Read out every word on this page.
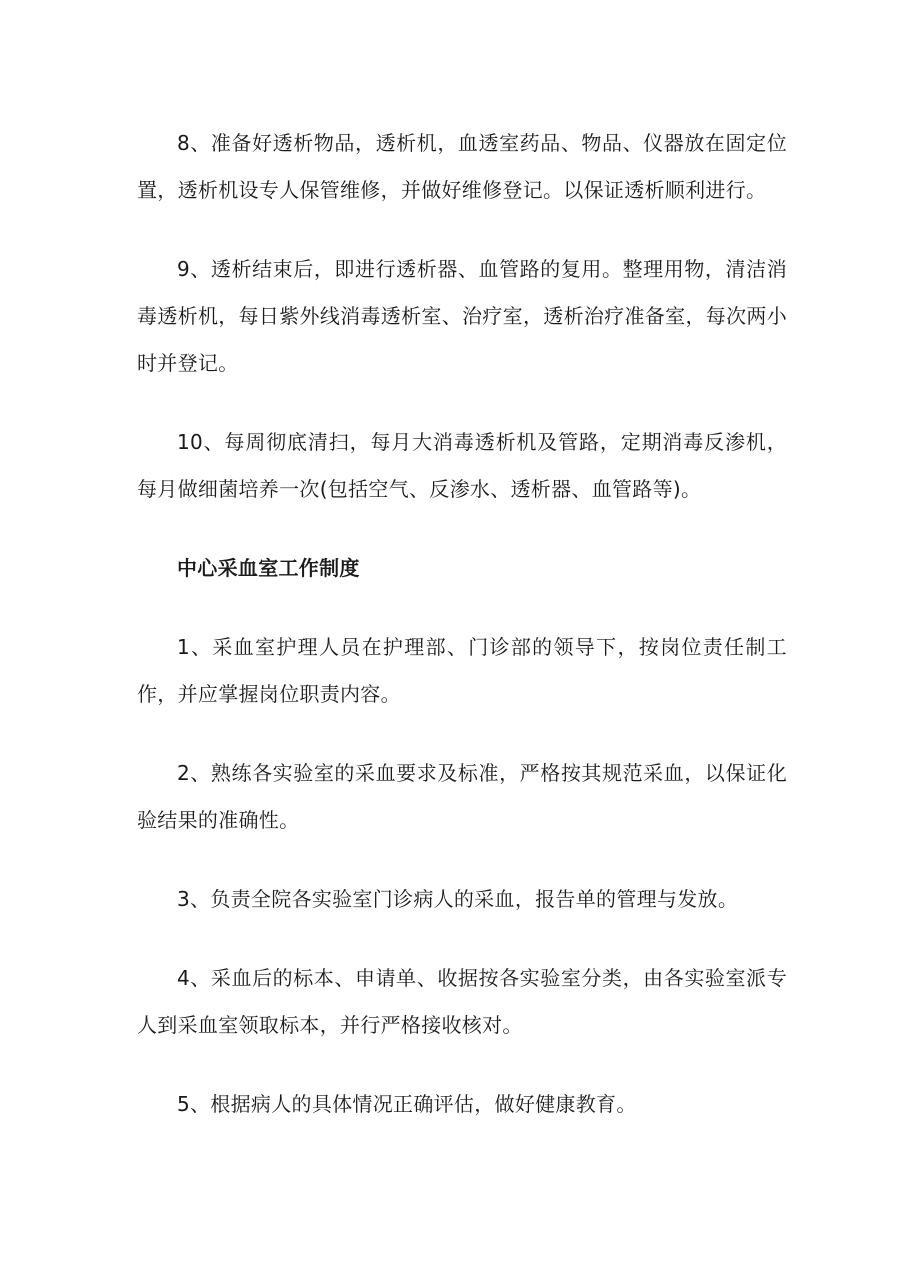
8、准备好透析物品，透析机，血透室药品、物品、仪器放在固定位置，透析机设专人保管维修，并做好维修登记。以保证透析顺利进行。

9、透析结束后，即进行透析器、血管路的复用。整理用物，清洁消毒透析机，每日紫外线消毒透析室、治疗室，透析治疗准备室，每次两小时并登记。

10、每周彻底清扫，每月大消毒透析机及管路，定期消毒反渗机，每月做细菌培养一次(包括空气、反渗水、透析器、血管路等)。

中心采血室工作制度

1、采血室护理人员在护理部、门诊部的领导下，按岗位责任制工作，并应掌握岗位职责内容。

2、熟练各实验室的采血要求及标准，严格按其规范采血，以保证化验结果的准确性。

3、负责全院各实验室门诊病人的采血，报告单的管理与发放。

4、采血后的标本、申请单、收据按各实验室分类，由各实验室派专人到采血室领取标本，并行严格接收核对。

5、根据病人的具体情况正确评估，做好健康教育。
